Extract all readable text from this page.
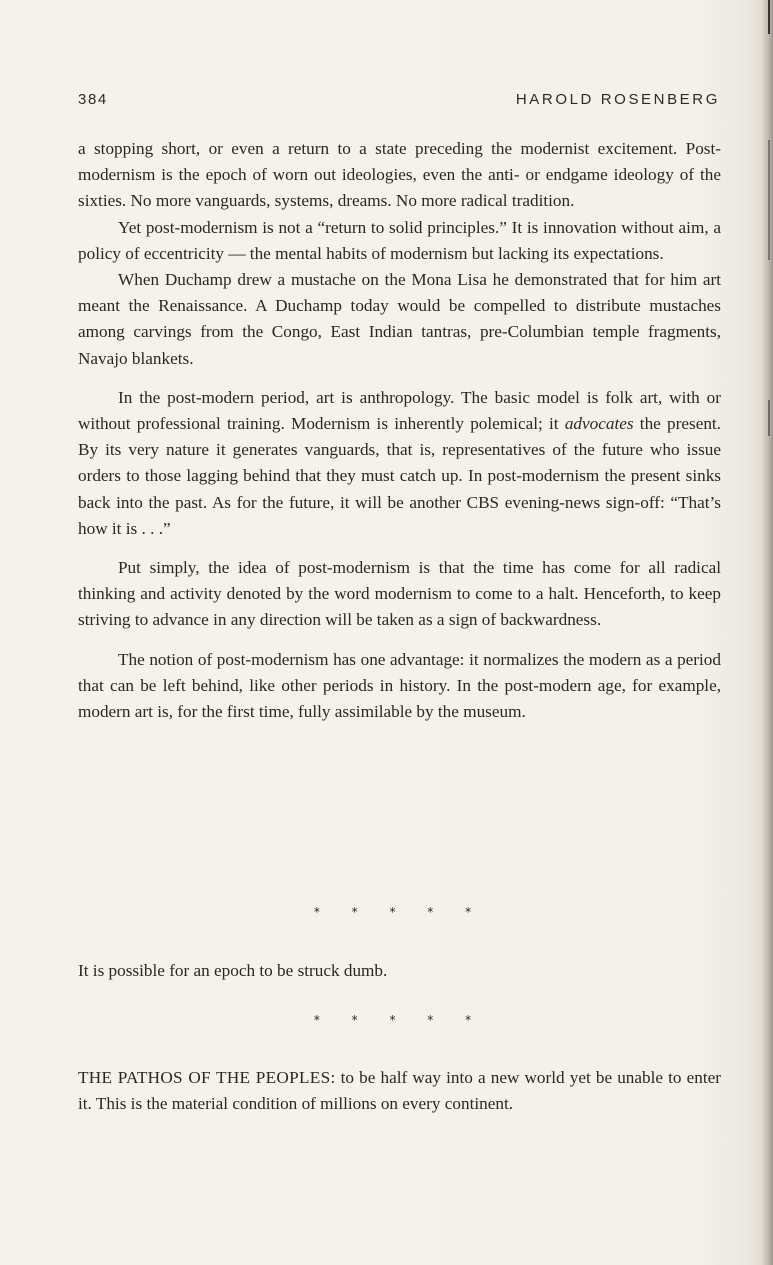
384	HAROLD ROSENBERG

a stopping short, or even a return to a state preceding the modernist excitement. Post-modernism is the epoch of worn out ideologies, even the anti- or endgame ideology of the sixties. No more vanguards, systems, dreams. No more radical tradition.

Yet post-modernism is not a “return to solid principles.” It is innovation without aim, a policy of eccentricity — the mental habits of modernism but lacking its expectations.

When Duchamp drew a mustache on the Mona Lisa he demonstrated that for him art meant the Renaissance. A Duchamp today would be compelled to distribute mustaches among carvings from the Congo, East Indian tantras, pre-Columbian temple fragments, Navajo blankets.

In the post-modern period, art is anthropology. The basic model is folk art, with or without professional training. Modernism is inherently polemical; it advocates the present. By its very nature it generates vanguards, that is, representatives of the future who issue orders to those lagging behind that they must catch up. In post-modernism the present sinks back into the past. As for the future, it will be another CBS evening-news sign-off: “That’s how it is . . .”

Put simply, the idea of post-modernism is that the time has come for all radical thinking and activity denoted by the word modernism to come to a halt. Henceforth, to keep striving to advance in any direction will be taken as a sign of backwardness.

The notion of post-modernism has one advantage: it normalizes the modern as a period that can be left behind, like other periods in history. In the post-modern age, for example, modern art is, for the first time, fully assimilable by the museum.

* * * * *

It is possible for an epoch to be struck dumb.

* * * * *

THE PATHOS OF THE PEOPLES: to be half way into a new world yet be unable to enter it. This is the material condition of millions on every continent.
